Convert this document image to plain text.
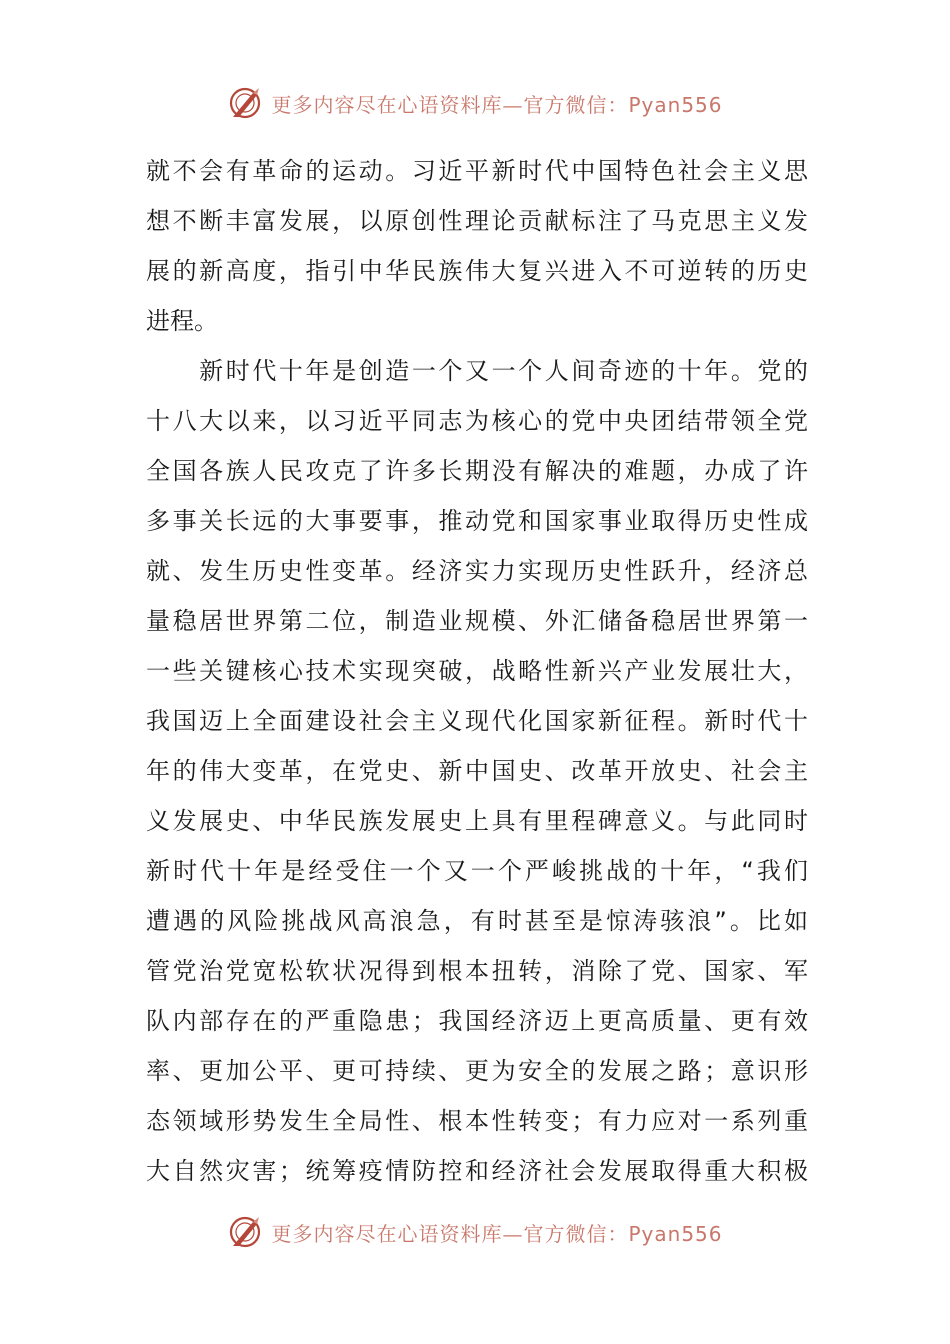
更多内容尽在心语资料库—官方微信：Pyan556
就不会有革命的运动。习近平新时代中国特色社会主义思
想不断丰富发展，以原创性理论贡献标注了马克思主义发
展的新高度，指引中华民族伟大复兴进入不可逆转的历史
进程。
　　新时代十年是创造一个又一个人间奇迹的十年。党的
十八大以来，以习近平同志为核心的党中央团结带领全党
全国各族人民攻克了许多长期没有解决的难题，办成了许
多事关长远的大事要事，推动党和国家事业取得历史性成
就、发生历史性变革。经济实力实现历史性跃升，经济总
量稳居世界第二位，制造业规模、外汇储备稳居世界第一
一些关键核心技术实现突破，战略性新兴产业发展壮大，
我国迈上全面建设社会主义现代化国家新征程。新时代十
年的伟大变革，在党史、新中国史、改革开放史、社会主
义发展史、中华民族发展史上具有里程碑意义。与此同时
新时代十年是经受住一个又一个严峻挑战的十年，“我们
遭遇的风险挑战风高浪急，有时甚至是惊涛骇浪”。比如
管党治党宽松软状况得到根本扭转，消除了党、国家、军
队内部存在的严重隐患；我国经济迈上更高质量、更有效
率、更加公平、更可持续、更为安全的发展之路；意识形
态领域形势发生全局性、根本性转变；有力应对一系列重
大自然灾害；统筹疫情防控和经济社会发展取得重大积极
更多内容尽在心语资料库—官方微信：Pyan556
